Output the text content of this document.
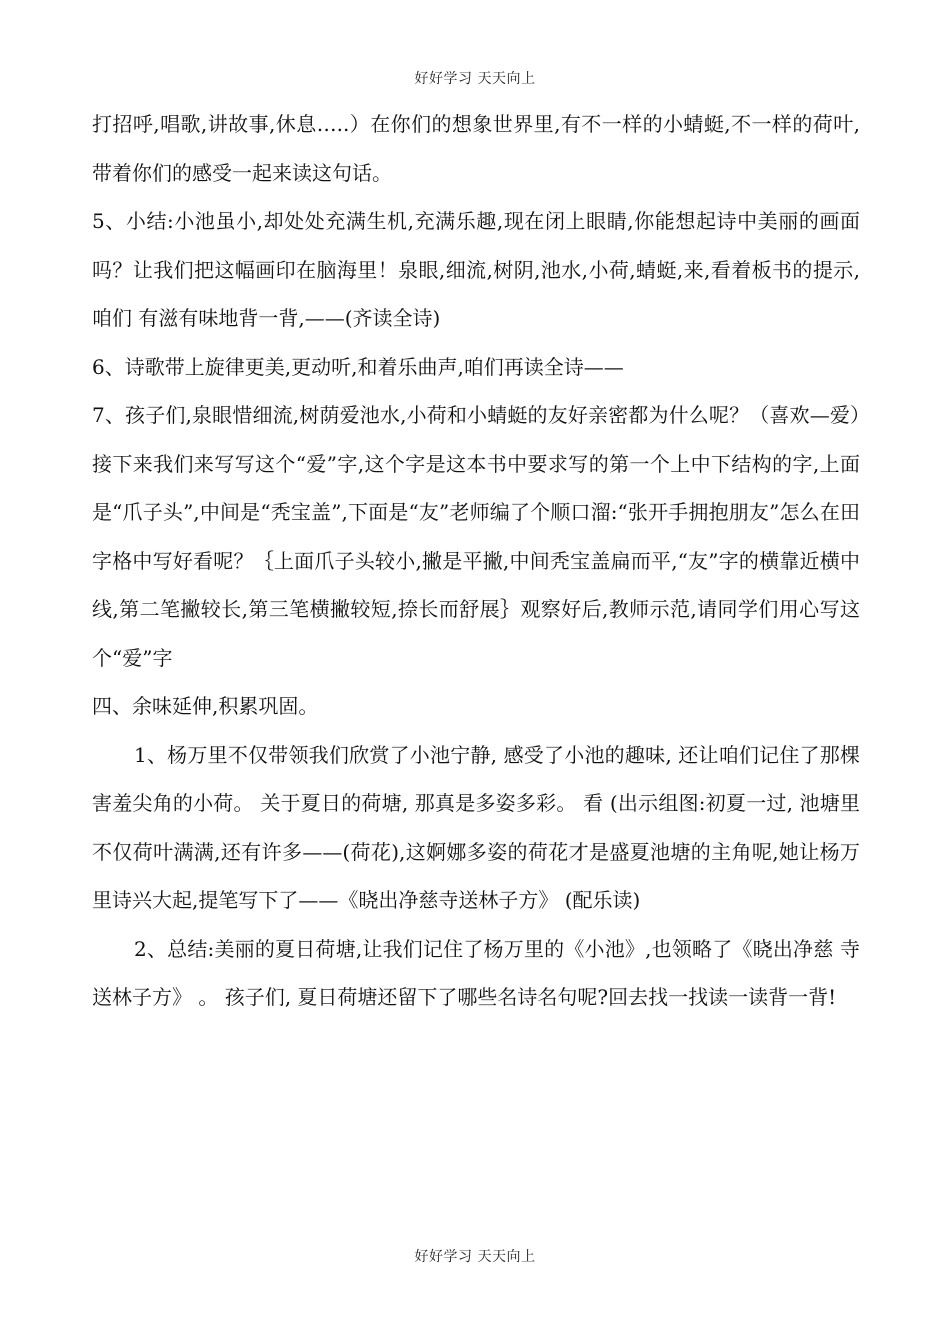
好好学习 天天向上

打招呼,唱歌,讲故事,休息…..）在你们的想象世界里,有不一样的小蜻蜓,不一样的荷叶,带着你们的感受一起来读这句话。

5、小结:小池虽小,却处处充满生机,充满乐趣,现在闭上眼睛,你能想起诗中美丽的画面吗？让我们把这幅画印在脑海里！泉眼,细流,树阴,池水,小荷,蜻蜓,来,看着板书的提示,咱们 有滋有味地背一背,——(齐读全诗)

6、诗歌带上旋律更美,更动听,和着乐曲声,咱们再读全诗——

7、孩子们,泉眼惜细流,树荫爱池水,小荷和小蜻蜓的友好亲密都为什么呢？（喜欢—爱）接下来我们来写写这个“爱”字,这个字是这本书中要求写的第一个上中下结构的字,上面是“爪子头”,中间是“秃宝盖”,下面是“友”老师编了个顺口溜:“张开手拥抱朋友”怎么在田字格中写好看呢？｛上面爪子头较小,撇是平撇,中间秃宝盖扁而平,“友”字的横靠近横中线,第二笔撇较长,第三笔横撇较短,捺长而舒展｝观察好后,教师示范,请同学们用心写这个“爱”字

四、余味延伸,积累巩固。

1、杨万里不仅带领我们欣赏了小池宁静, 感受了小池的趣味, 还让咱们记住了那棵 害羞尖角的小荷。 关于夏日的荷塘, 那真是多姿多彩。 看 (出示组图:初夏一过, 池塘里不仅荷叶满满,还有许多——(荷花),这婀娜多姿的荷花才是盛夏池塘的主角呢,她让杨万里诗兴大起,提笔写下了——《晓出净慈寺送林子方》 (配乐读)

2、总结:美丽的夏日荷塘,让我们记住了杨万里的《小池》,也领略了《晓出净慈 寺送林子方》 。 孩子们, 夏日荷塘还留下了哪些名诗名句呢?回去找一找读一读背一背!

好好学习 天天向上
